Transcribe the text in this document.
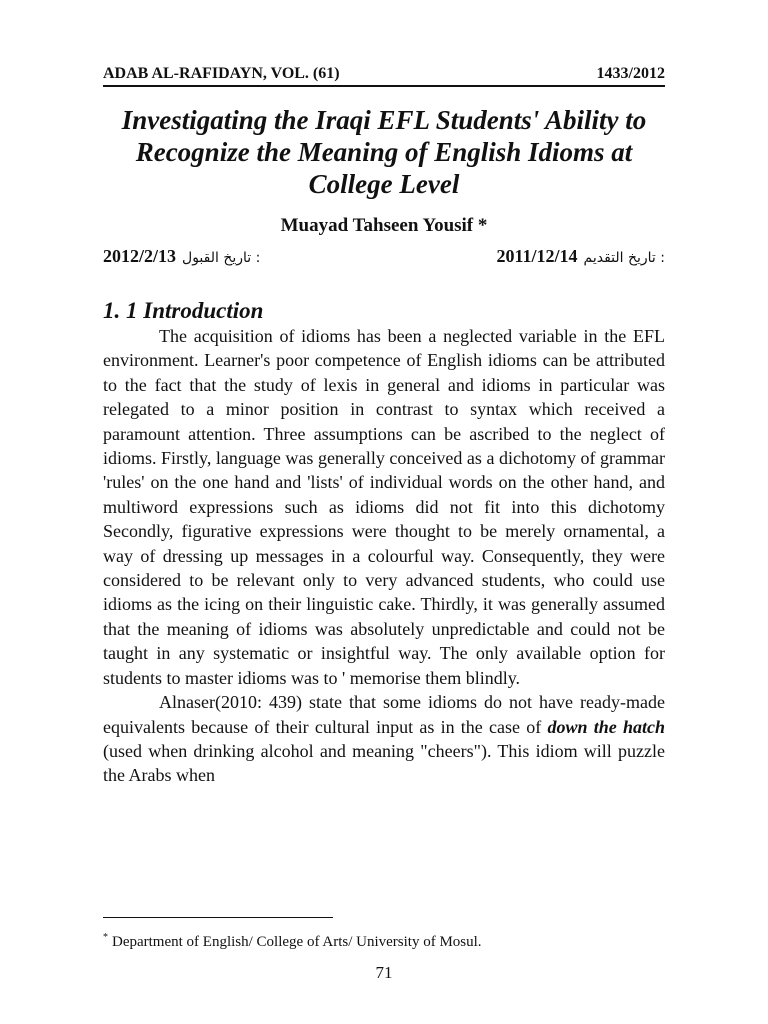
ADAB AL-RAFIDAYN, VOL. (61)	1433/2012
Investigating the Iraqi EFL Students' Ability to Recognize the Meaning of English Idioms at College Level
Muayad Tahseen Yousif *
2012/2/13 : تاريخ القبول	2011/12/14 : تاريخ التقديم
1. 1 Introduction

The acquisition of idioms has been a neglected variable in the EFL environment. Learner's poor competence of English idioms can be attributed to the fact that the study of lexis in general and idioms in particular was relegated to a minor position in contrast to syntax which received a paramount attention. Three assumptions can be ascribed to the neglect of idioms. Firstly, language was generally conceived as a dichotomy of grammar 'rules' on the one hand and 'lists' of individual words on the other hand, and multiword expressions such as idioms did not fit into this dichotomy Secondly, figurative expressions were thought to be merely ornamental, a way of dressing up messages in a colourful way. Consequently, they were considered to be relevant only to very advanced students, who could use idioms as the icing on their linguistic cake. Thirdly, it was generally assumed that the meaning of idioms was absolutely unpredictable and could not be taught in any systematic or insightful way. The only available option for students to master idioms was to ' memorise them blindly.

Alnaser(2010: 439) state that some idioms do not have ready-made equivalents because of their cultural input as in the case of down the hatch (used when drinking alcohol and meaning "cheers"). This idiom will puzzle the Arabs when

* Department of English/ College of Arts/ University of Mosul.
71
